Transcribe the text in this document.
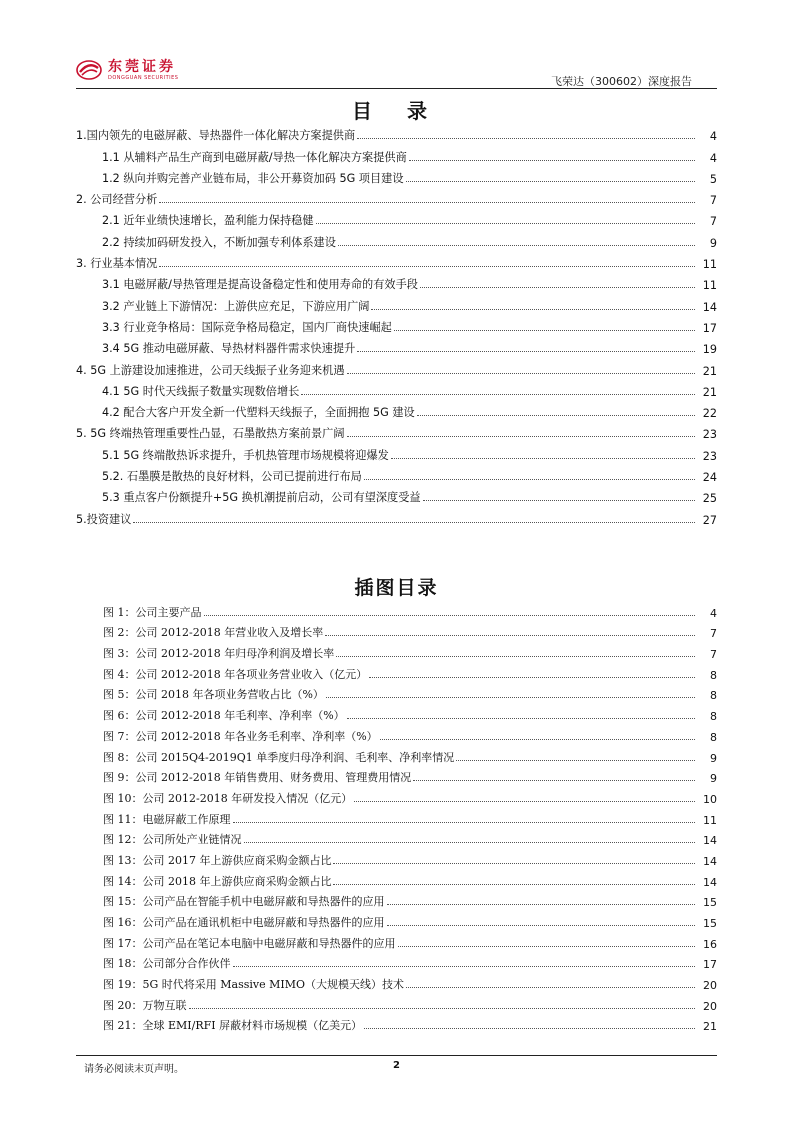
东莞证券
DONGGUAN SECURITIES	飞荣达（300602）深度报告
目 录
1.国内领先的电磁屏蔽、导热器件一体化解决方案提供商	4
1.1 从辅料产品生产商到电磁屏蔽/导热一体化解决方案提供商	4
1.2 纵向并购完善产业链布局，非公开募资加码 5G 项目建设	5
2. 公司经营分析	7
2.1 近年业绩快速增长，盈利能力保持稳健	7
2.2 持续加码研发投入，不断加强专利体系建设	9
3. 行业基本情况	11
3.1 电磁屏蔽/导热管理是提高设备稳定性和使用寿命的有效手段	11
3.2 产业链上下游情况：上游供应充足，下游应用广阔	14
3.3 行业竞争格局：国际竞争格局稳定，国内厂商快速崛起	17
3.4 5G 推动电磁屏蔽、导热材料器件需求快速提升	19
4. 5G 上游建设加速推进，公司天线振子业务迎来机遇	21
4.1 5G 时代天线振子数量实现数倍增长	21
4.2 配合大客户开发全新一代塑料天线振子，全面拥抱 5G 建设	22
5. 5G 终端热管理重要性凸显，石墨散热方案前景广阔	23
5.1 5G 终端散热诉求提升，手机热管理市场规模将迎爆发	23
5.2. 石墨膜是散热的良好材料，公司已提前进行布局	24
5.3 重点客户份额提升+5G 换机潮提前启动，公司有望深度受益	25
5.投资建议	27
插图目录
图 1：公司主要产品	4
图 2：公司 2012-2018 年营业收入及增长率	7
图 3：公司 2012-2018 年归母净利润及增长率	7
图 4：公司 2012-2018 年各项业务营业收入（亿元）	8
图 5：公司 2018 年各项业务营收占比（%）	8
图 6：公司 2012-2018 年毛利率、净利率（%）	8
图 7：公司 2012-2018 年各业务毛利率、净利率（%）	8
图 8：公司 2015Q4-2019Q1 单季度归母净利润、毛利率、净利率情况	9
图 9：公司 2012-2018 年销售费用、财务费用、管理费用情况	9
图 10：公司 2012-2018 年研发投入情况（亿元）	10
图 11：电磁屏蔽工作原理	11
图 12：公司所处产业链情况	14
图 13：公司 2017 年上游供应商采购金额占比	14
图 14：公司 2018 年上游供应商采购金额占比	14
图 15：公司产品在智能手机中电磁屏蔽和导热器件的应用	15
图 16：公司产品在通讯机柜中电磁屏蔽和导热器件的应用	15
图 17：公司产品在笔记本电脑中电磁屏蔽和导热器件的应用	16
图 18：公司部分合作伙伴	17
图 19：5G 时代将采用 Massive MIMO（大规模天线）技术	20
图 20：万物互联	20
图 21：全球 EMI/RFI 屏蔽材料市场规模（亿美元）	21
请务必阅读末页声明。	2
